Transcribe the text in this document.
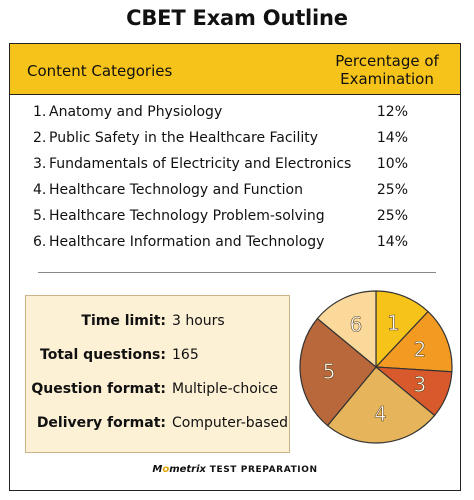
CBET Exam Outline
Content Categories
Percentage of
Examination
1. Anatomy and Physiology	12%
2. Public Safety in the Healthcare Facility	14%
3. Fundamentals of Electricity and Electronics 10%
4. Healthcare Technology and Function	25%
5. Healthcare Technology Problem-solving	25%
6. Healthcare Information and Technology	14%
Time limit: 3 hours
Total questions: 165
Question format: Multiple-choice
Delivery format: Computer-based
1
2
3
4
5
6
Mometrix TEST PREPARATION
